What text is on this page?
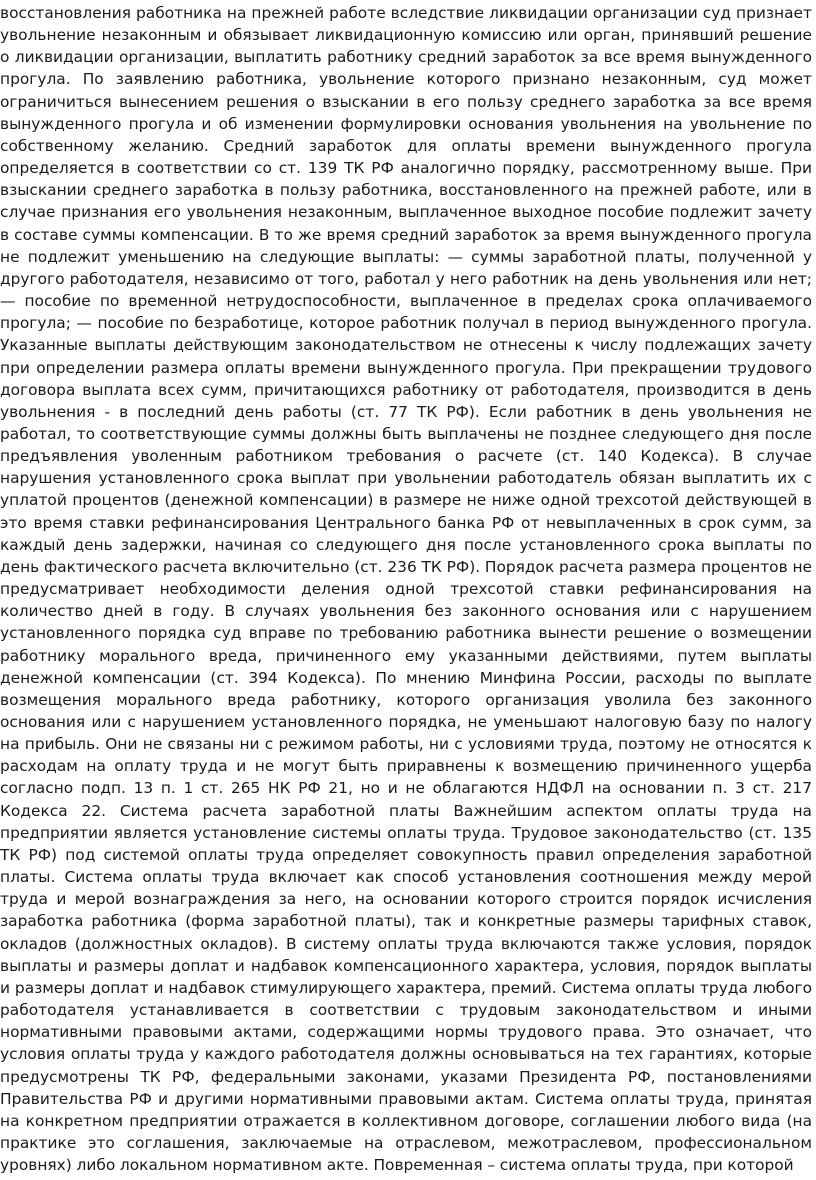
восстановления работника на прежней работе вследствие ликвидации организации суд признает увольнение незаконным и обязывает ликвидационную комиссию или орган, принявший решение о ликвидации организации, выплатить работнику средний заработок за все время вынужденного прогула. По заявлению работника, увольнение которого признано незаконным, суд может ограничиться вынесением решения о взыскании в его пользу среднего заработка за все время вынужденного прогула и об изменении формулировки основания увольнения на увольнение по собственному желанию. Средний заработок для оплаты времени вынужденного прогула определяется в соответствии со ст. 139 ТК РФ аналогично порядку, рассмотренному выше. При взыскании среднего заработка в пользу работника, восстановленного на прежней работе, или в случае признания его увольнения незаконным, выплаченное выходное пособие подлежит зачету в составе суммы компенсации. В то же время средний заработок за время вынужденного прогула не подлежит уменьшению на следующие выплаты: — суммы заработной платы, полученной у другого работодателя, независимо от того, работал у него работник на день увольнения или нет; — пособие по временной нетрудоспособности, выплаченное в пределах срока оплачиваемого прогула; — пособие по безработице, которое работник получал в период вынужденного прогула. Указанные выплаты действующим законодательством не отнесены к числу подлежащих зачету при определении размера оплаты времени вынужденного прогула. При прекращении трудового договора выплата всех сумм, причитающихся работнику от работодателя, производится в день увольнения - в последний день работы (ст. 77 ТК РФ). Если работник в день увольнения не работал, то соответствующие суммы должны быть выплачены не позднее следующего дня после предъявления уволенным работником требования о расчете (ст. 140 Кодекса). В случае нарушения установленного срока выплат при увольнении работодатель обязан выплатить их с уплатой процентов (денежной компенсации) в размере не ниже одной трехсотой действующей в это время ставки рефинансирования Центрального банка РФ от невыплаченных в срок сумм, за каждый день задержки, начиная со следующего дня после установленного срока выплаты по день фактического расчета включительно (ст. 236 ТК РФ). Порядок расчета размера процентов не предусматривает необходимости деления одной трехсотой ставки рефинансирования на количество дней в году. В случаях увольнения без законного основания или с нарушением установленного порядка суд вправе по требованию работника вынести решение о возмещении работнику морального вреда, причиненного ему указанными действиями, путем выплаты денежной компенсации (ст. 394 Кодекса). По мнению Минфина России, расходы по выплате возмещения морального вреда работнику, которого организация уволила без законного основания или с нарушением установленного порядка, не уменьшают налоговую базу по налогу на прибыль. Они не связаны ни с режимом работы, ни с условиями труда, поэтому не относятся к расходам на оплату труда и не могут быть приравнены к возмещению причиненного ущерба согласно подп. 13 п. 1 ст. 265 НК РФ 21, но и не облагаются НДФЛ на основании п. 3 ст. 217 Кодекса 22. Система расчета заработной платы Важнейшим аспектом оплаты труда на предприятии является установление системы оплаты труда. Трудовое законодательство (ст. 135 ТК РФ) под системой оплаты труда определяет совокупность правил определения заработной платы. Система оплаты труда включает как способ установления соотношения между мерой труда и мерой вознаграждения за него, на основании которого строится порядок исчисления заработка работника (форма заработной платы), так и конкретные размеры тарифных ставок, окладов (должностных окладов). В систему оплаты труда включаются также условия, порядок выплаты и размеры доплат и надбавок компенсационного характера, условия, порядок выплаты и размеры доплат и надбавок стимулирующего характера, премий. Система оплаты труда любого работодателя устанавливается в соответствии с трудовым законодательством и иными нормативными правовыми актами, содержащими нормы трудового права. Это означает, что условия оплаты труда у каждого работодателя должны основываться на тех гарантиях, которые предусмотрены ТК РФ, федеральными законами, указами Президента РФ, постановлениями Правительства РФ и другими нормативными правовыми актам. Система оплаты труда, принятая на конкретном предприятии отражается в коллективном договоре, соглашении любого вида (на практике это соглашения, заключаемые на отраслевом, межотраслевом, профессиональном уровнях) либо локальном нормативном акте. Повременная – система оплаты труда, при которой
